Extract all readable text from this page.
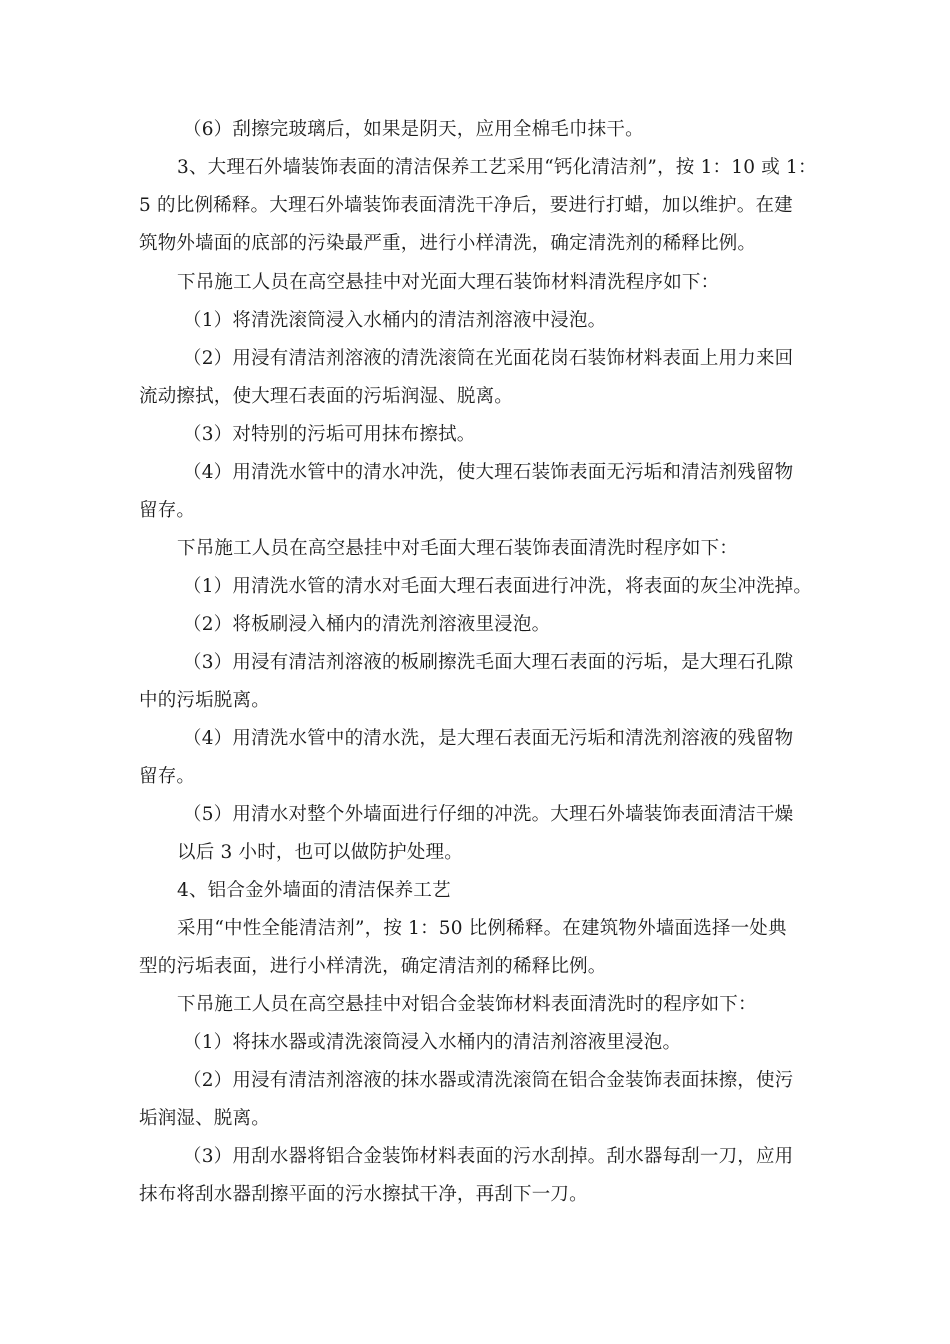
（6）刮擦完玻璃后，如果是阴天，应用全棉毛巾抹干。
3、大理石外墙装饰表面的清洁保养工艺采用“钙化清洁剂”，按 1：10 或 1：
5 的比例稀释。大理石外墙装饰表面清洗干净后，要进行打蜡，加以维护。在建
筑物外墙面的底部的污染最严重，进行小样清洗，确定清洗剂的稀释比例。
下吊施工人员在高空悬挂中对光面大理石装饰材料清洗程序如下：
（1）将清洗滚筒浸入水桶内的清洁剂溶液中浸泡。
（2）用浸有清洁剂溶液的清洗滚筒在光面花岗石装饰材料表面上用力来回
流动擦拭，使大理石表面的污垢润湿、脱离。
（3）对特别的污垢可用抹布擦拭。
（4）用清洗水管中的清水冲洗，使大理石装饰表面无污垢和清洁剂残留物
留存。
下吊施工人员在高空悬挂中对毛面大理石装饰表面清洗时程序如下：
（1）用清洗水管的清水对毛面大理石表面进行冲洗，将表面的灰尘冲洗掉。
（2）将板刷浸入桶内的清洗剂溶液里浸泡。
（3）用浸有清洁剂溶液的板刷擦洗毛面大理石表面的污垢，是大理石孔隙
中的污垢脱离。
（4）用清洗水管中的清水洗，是大理石表面无污垢和清洗剂溶液的残留物
留存。
（5）用清水对整个外墙面进行仔细的冲洗。大理石外墙装饰表面清洁干燥
以后 3 小时，也可以做防护处理。
4、铝合金外墙面的清洁保养工艺
采用“中性全能清洁剂”，按 1：50 比例稀释。在建筑物外墙面选择一处典
型的污垢表面，进行小样清洗，确定清洁剂的稀释比例。
下吊施工人员在高空悬挂中对铝合金装饰材料表面清洗时的程序如下：
（1）将抹水器或清洗滚筒浸入水桶内的清洁剂溶液里浸泡。
（2）用浸有清洁剂溶液的抹水器或清洗滚筒在铝合金装饰表面抹擦，使污
垢润湿、脱离。
（3）用刮水器将铝合金装饰材料表面的污水刮掉。刮水器每刮一刀，应用
抹布将刮水器刮擦平面的污水擦拭干净，再刮下一刀。
